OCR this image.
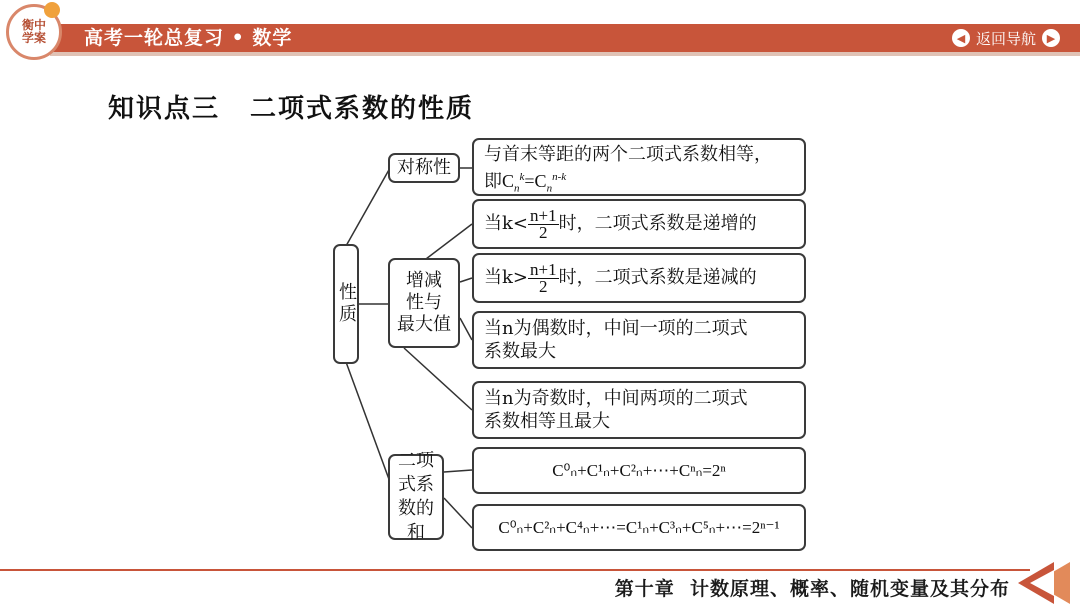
衡中学案 高考一轮总复习 • 数学	◀ 返回导航 ▶
知识点三 二项式系数的性质
性质
对称性
与首末等距的两个二项式系数相等，
即$C_n^k=C_n^{n-k}$
增减
性与
最大值
当$k< \frac{n+1}{2}$ 时，二项式系数是递增的
当$k> \frac{n+1}{2}$ 时，二项式系数是递减的
当n为偶数时，中间一项的二项式
系数最大
当n为奇数时，中间两项的二项式
系数相等且最大
二项
式系
数的和
C⁰ₙ+C¹ₙ+C²ₙ+⋯+Cⁿₙ=2ⁿ
C⁰ₙ+C²ₙ+C⁴ₙ+⋯=C¹ₙ+C³ₙ+C⁵ₙ+⋯=2ⁿ⁻¹
第十章 计数原理、概率、随机变量及其分布
